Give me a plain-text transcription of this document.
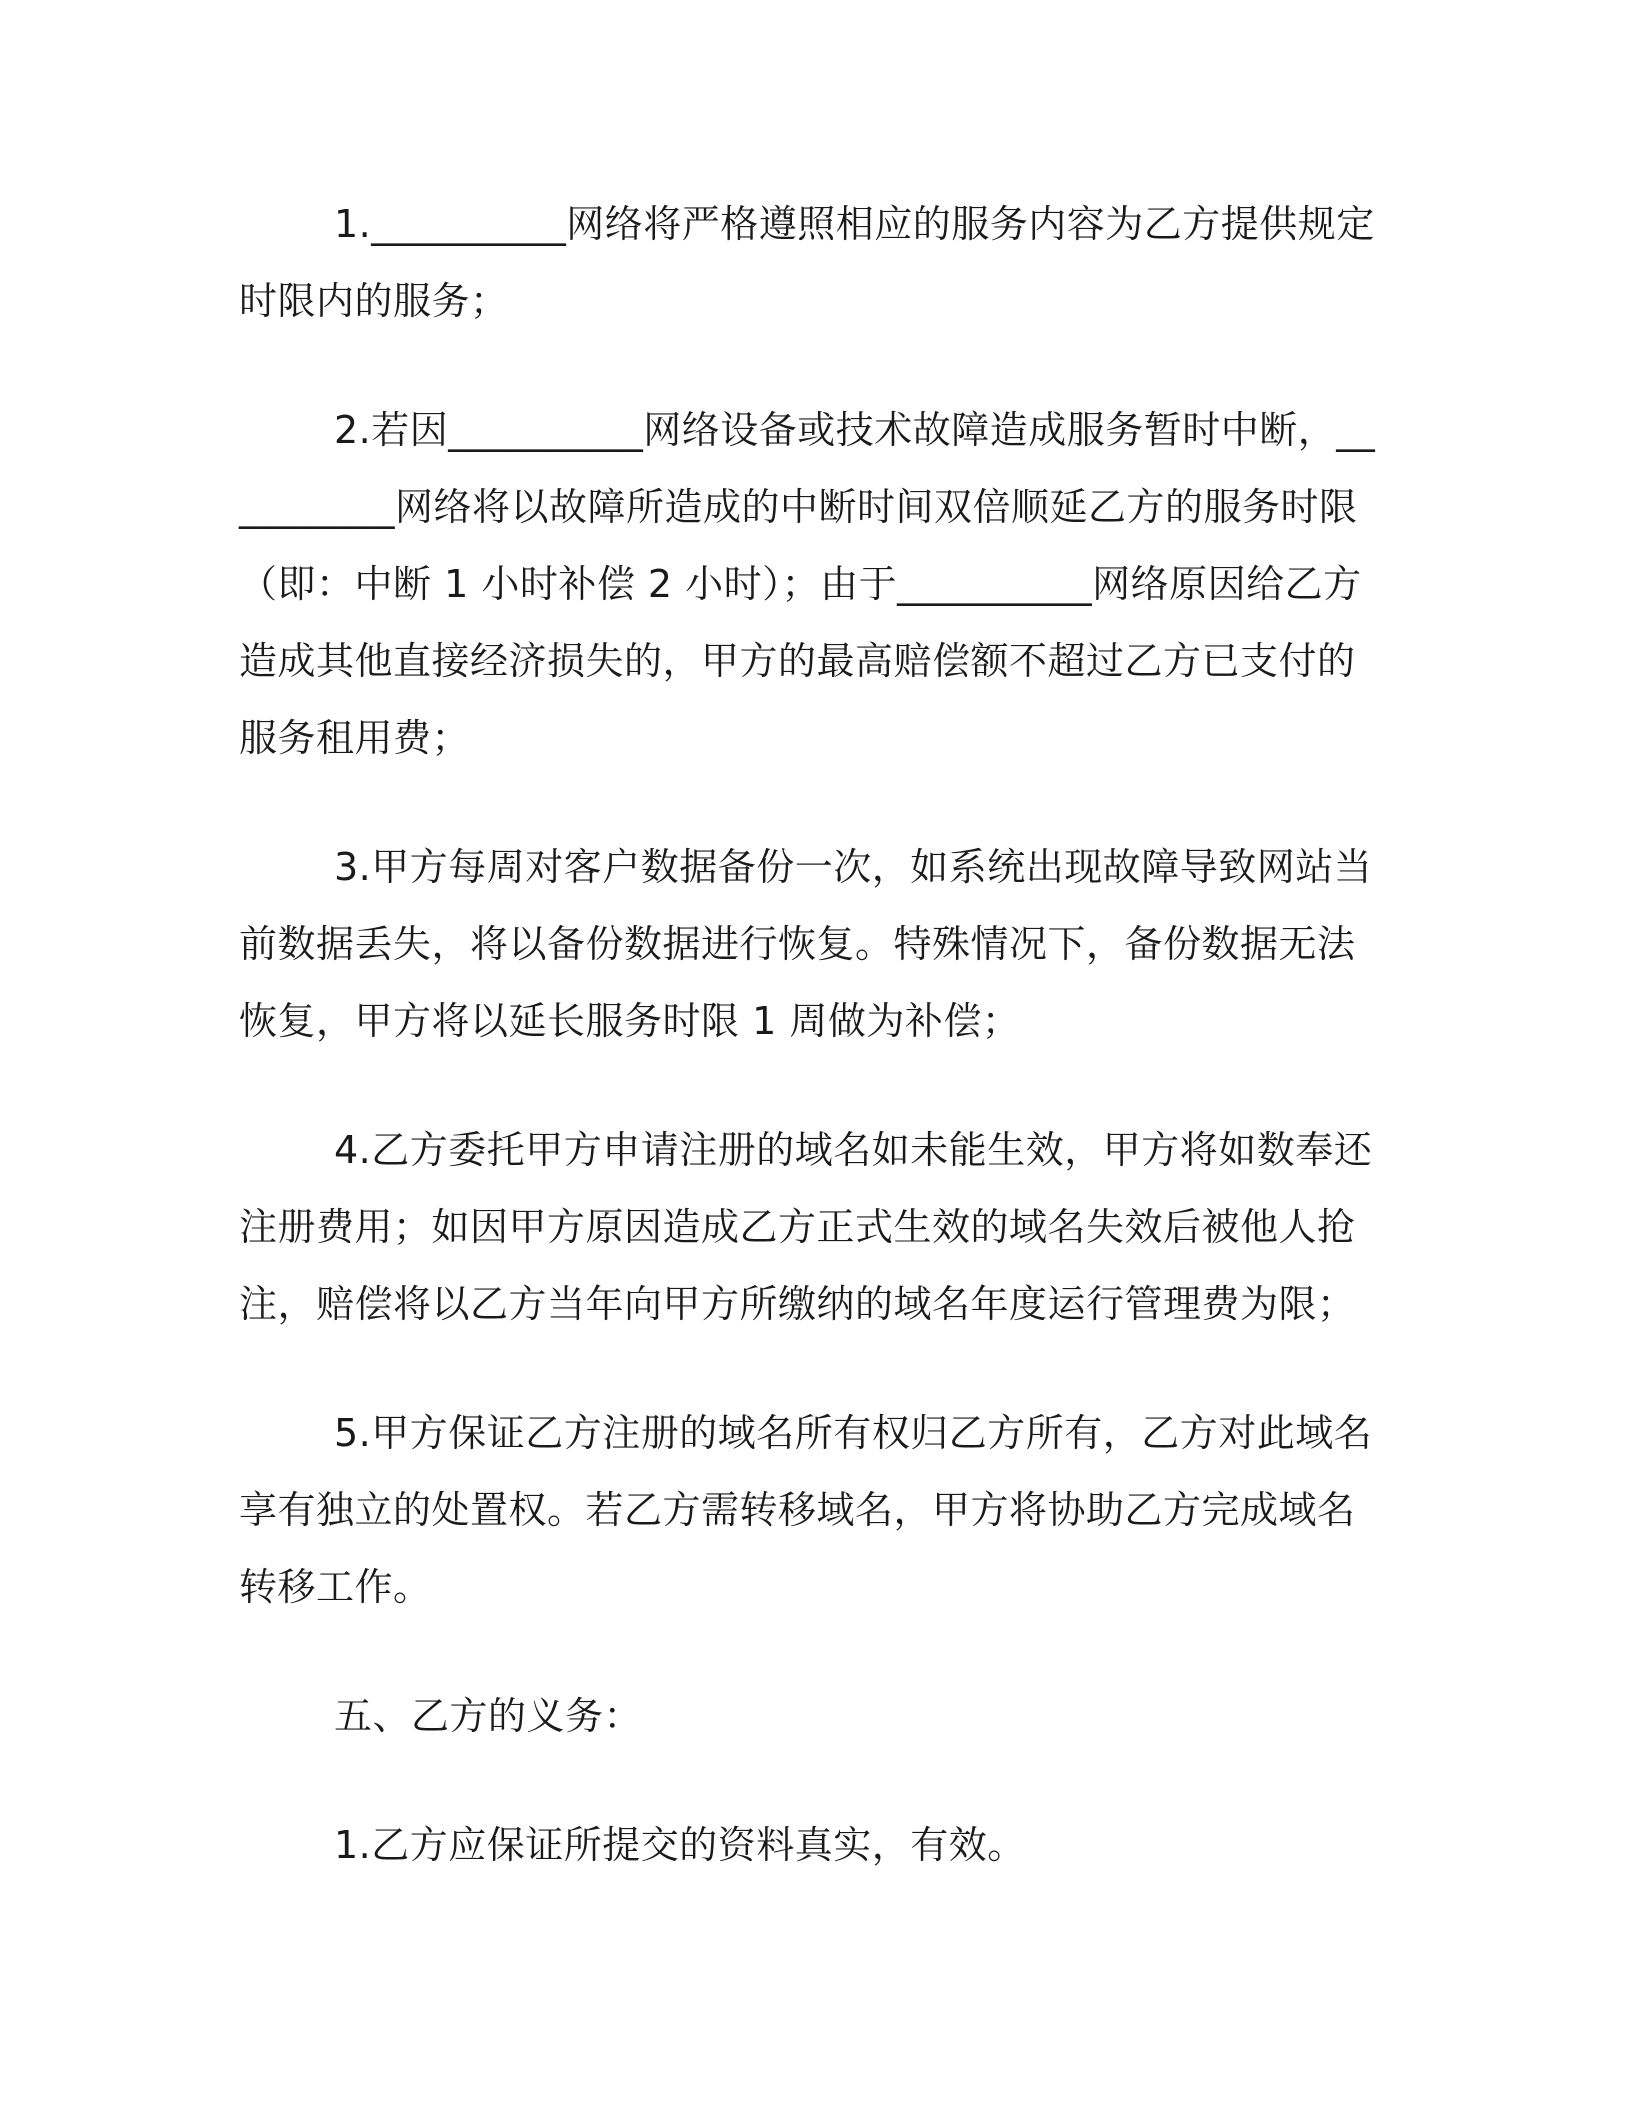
1.__________网络将严格遵照相应的服务内容为乙方提供规定时限内的服务；

2.若因__________网络设备或技术故障造成服务暂时中断，__________网络将以故障所造成的中断时间双倍顺延乙方的服务时限（即：中断 1 小时补偿 2 小时）；由于__________网络原因给乙方造成其他直接经济损失的，甲方的最高赔偿额不超过乙方已支付的服务租用费；

3.甲方每周对客户数据备份一次，如系统出现故障导致网站当前数据丢失，将以备份数据进行恢复。特殊情况下，备份数据无法恢复，甲方将以延长服务时限 1 周做为补偿；

4.乙方委托甲方申请注册的域名如未能生效，甲方将如数奉还注册费用；如因甲方原因造成乙方正式生效的域名失效后被他人抢注，赔偿将以乙方当年向甲方所缴纳的域名年度运行管理费为限；

5.甲方保证乙方注册的域名所有权归乙方所有，乙方对此域名享有独立的处置权。若乙方需转移域名，甲方将协助乙方完成域名转移工作。

五、乙方的义务：

1.乙方应保证所提交的资料真实，有效。
